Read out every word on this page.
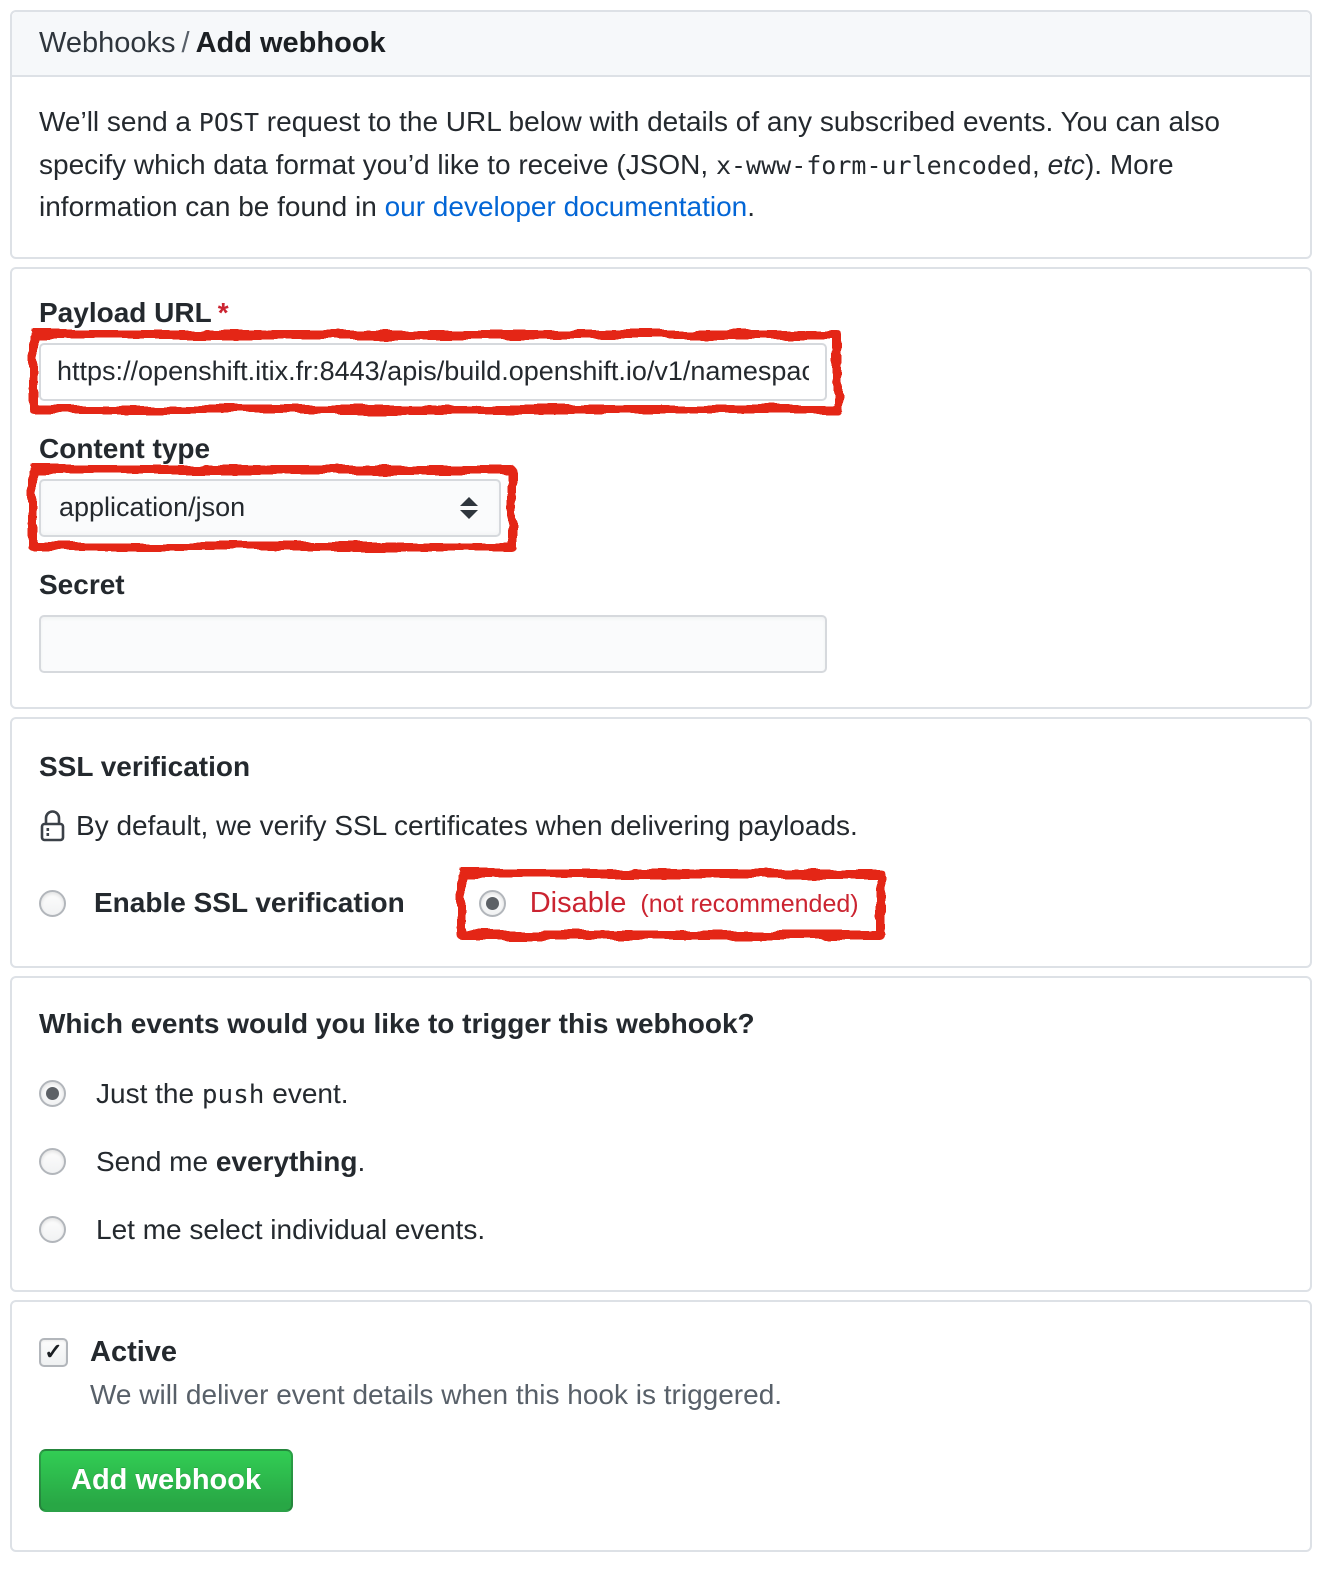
Webhooks / Add webhook
We’ll send a POST request to the URL below with details of any subscribed events. You can also specify which data format you’d like to receive (JSON, x-www-form-urlencoded, etc). More information can be found in our developer documentation.
Payload URL *
https://openshift.itix.fr:8443/apis/build.openshift.io/v1/namespac
Content type
application/json
Secret
SSL verification
By default, we verify SSL certificates when delivering payloads.
Enable SSL verification	Disable (not recommended)
Which events would you like to trigger this webhook?
Just the push event.
Send me everything.
Let me select individual events.
✓ Active
We will deliver event details when this hook is triggered.
Add webhook
